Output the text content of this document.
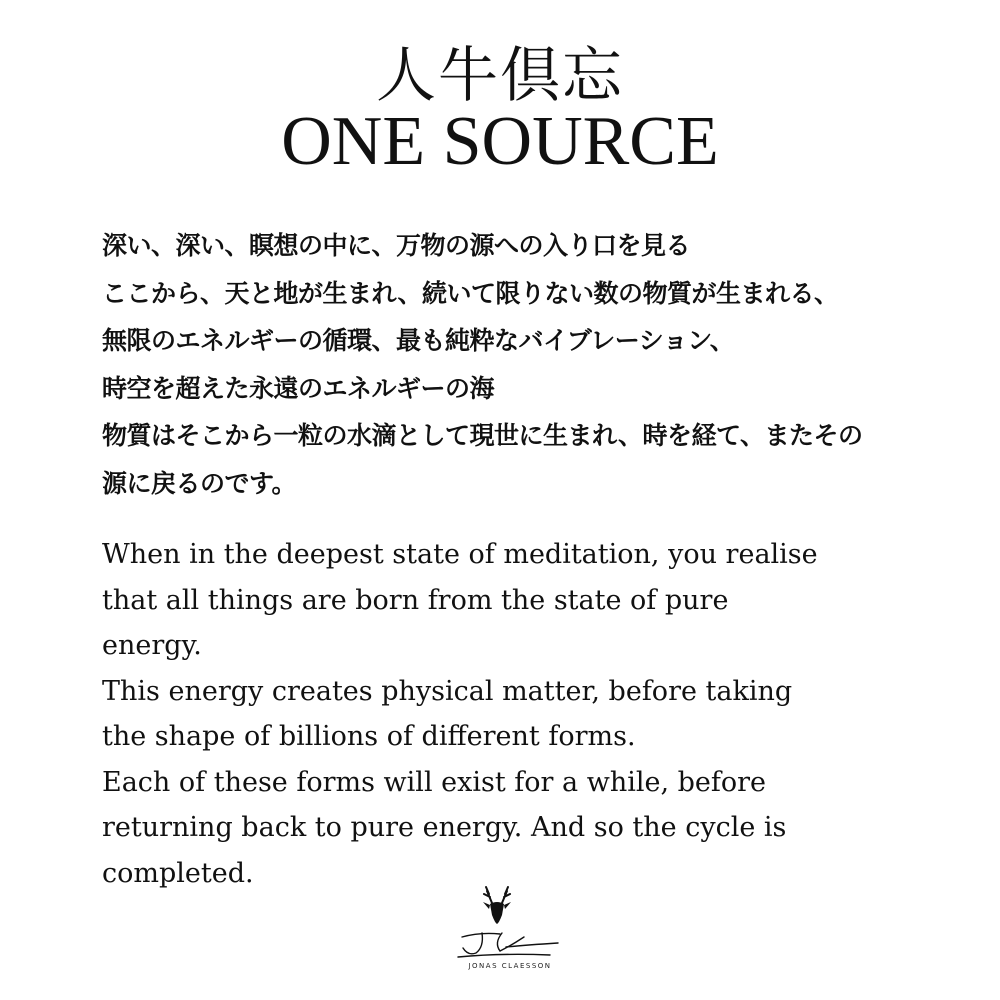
人牛倶忘
ONE SOURCE
深い、深い、瞑想の中に、万物の源への入り口を見る
ここから、天と地が生まれ、続いて限りない数の物質が生まれる、
無限のエネルギーの循環、最も純粋なバイブレーション、
時空を超えた永遠のエネルギーの海
物質はそこから一粒の水滴として現世に生まれ、時を経て、またその
源に戻るのです。
When in the deepest state of meditation, you realise
that all things are born from the state of pure
energy.
This energy creates physical matter, before taking
the shape of billions of different forms.
Each of these forms will exist for a while, before
returning back to pure energy. And so the cycle is
completed.
JONAS CLAESSON
